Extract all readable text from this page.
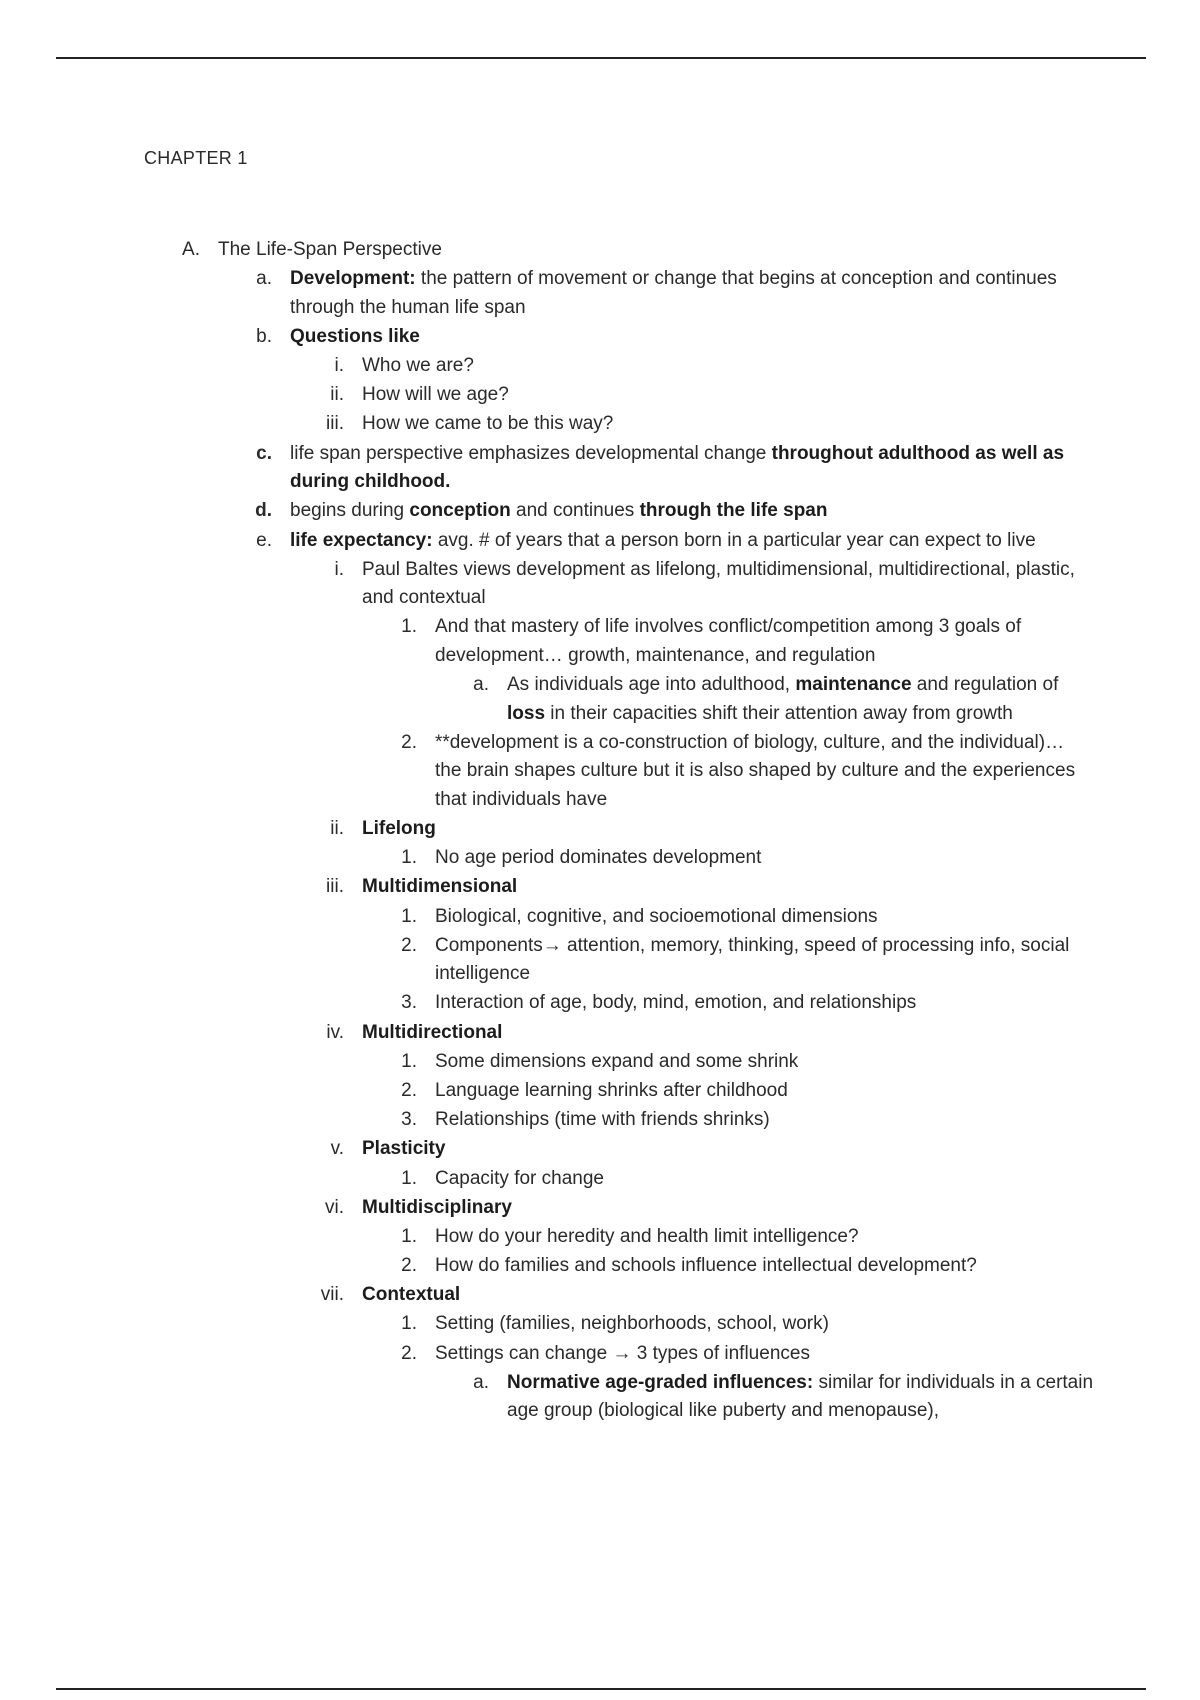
CHAPTER 1
A. The Life-Span Perspective
a. Development: the pattern of movement or change that begins at conception and continues through the human life span
b. Questions like
i. Who we are?
ii. How will we age?
iii. How we came to be this way?
c. life span perspective emphasizes developmental change throughout adulthood as well as during childhood.
d. begins during conception and continues through the life span
e. life expectancy: avg. # of years that a person born in a particular year can expect to live
i. Paul Baltes views development as lifelong, multidimensional, multidirectional, plastic, and contextual
1. And that mastery of life involves conflict/competition among 3 goals of development… growth, maintenance, and regulation
a. As individuals age into adulthood, maintenance and regulation of loss in their capacities shift their attention away from growth
2. **development is a co-construction of biology, culture, and the individual)… the brain shapes culture but it is also shaped by culture and the experiences that individuals have
ii. Lifelong
1. No age period dominates development
iii. Multidimensional
1. Biological, cognitive, and socioemotional dimensions
2. Components→ attention, memory, thinking, speed of processing info, social intelligence
3. Interaction of age, body, mind, emotion, and relationships
iv. Multidirectional
1. Some dimensions expand and some shrink
2. Language learning shrinks after childhood
3. Relationships (time with friends shrinks)
v. Plasticity
1. Capacity for change
vi. Multidisciplinary
1. How do your heredity and health limit intelligence?
2. How do families and schools influence intellectual development?
vii. Contextual
1. Setting (families, neighborhoods, school, work)
2. Settings can change → 3 types of influences
a. Normative age-graded influences: similar for individuals in a certain age group (biological like puberty and menopause),
